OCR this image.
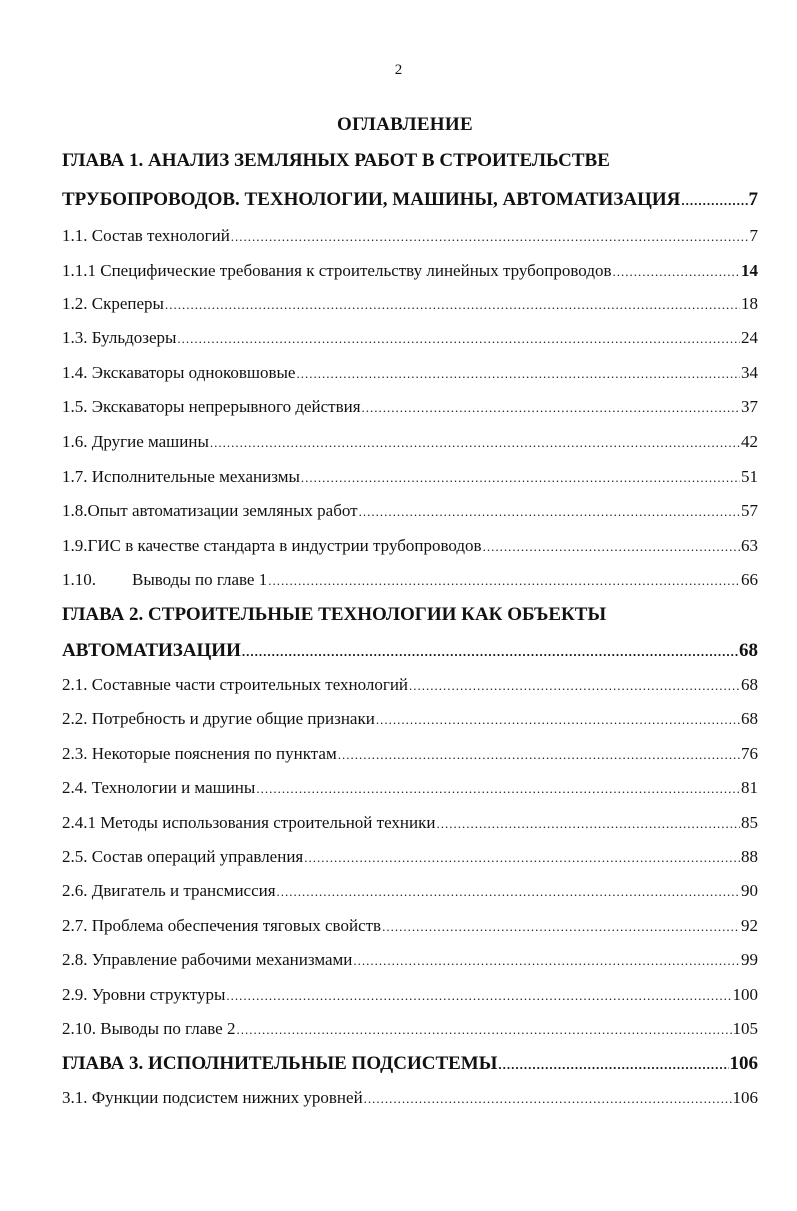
2
ОГЛАВЛЕНИЕ
ГЛАВА 1. АНАЛИЗ ЗЕМЛЯНЫХ РАБОТ В СТРОИТЕЛЬСТВЕ
ТРУБОПРОВОДОВ. ТЕХНОЛОГИИ, МАШИНЫ, АВТОМАТИЗАЦИЯ .....	7
1.1. Состав технологий .....	7
1.1.1 Специфические требования к строительству линейных трубопроводов .....	14
1.2. Скреперы .....	18
1.3. Бульдозеры .....	24
1.4. Экскаваторы одноковшовые .....	34
1.5. Экскаваторы непрерывного действия .....	37
1.6. Другие машины .....	42
1.7. Исполнительные механизмы .....	51
1.8.Опыт автоматизации земляных работ .....	57
1.9.ГИС в качестве стандарта в индустрии трубопроводов .....	63
1.10.	Выводы по главе 1 .....	66
ГЛАВА 2. СТРОИТЕЛЬНЫЕ ТЕХНОЛОГИИ КАК ОБЪЕКТЫ
АВТОМАТИЗАЦИИ .....	68
2.1. Составные части строительных технологий .....	68
2.2. Потребность и другие общие признаки .....	68
2.3. Некоторые пояснения по пунктам .....	76
2.4. Технологии и машины .....	81
2.4.1 Методы использования строительной техники .....	85
2.5. Состав операций управления .....	88
2.6. Двигатель и трансмиссия .....	90
2.7. Проблема обеспечения тяговых свойств .....	92
2.8. Управление рабочими механизмами .....	99
2.9. Уровни структуры .....	100
2.10. Выводы по главе 2 .....	105
ГЛАВА 3. ИСПОЛНИТЕЛЬНЫЕ ПОДСИСТЕМЫ .....	106
3.1. Функции подсистем нижних уровней .....	106
